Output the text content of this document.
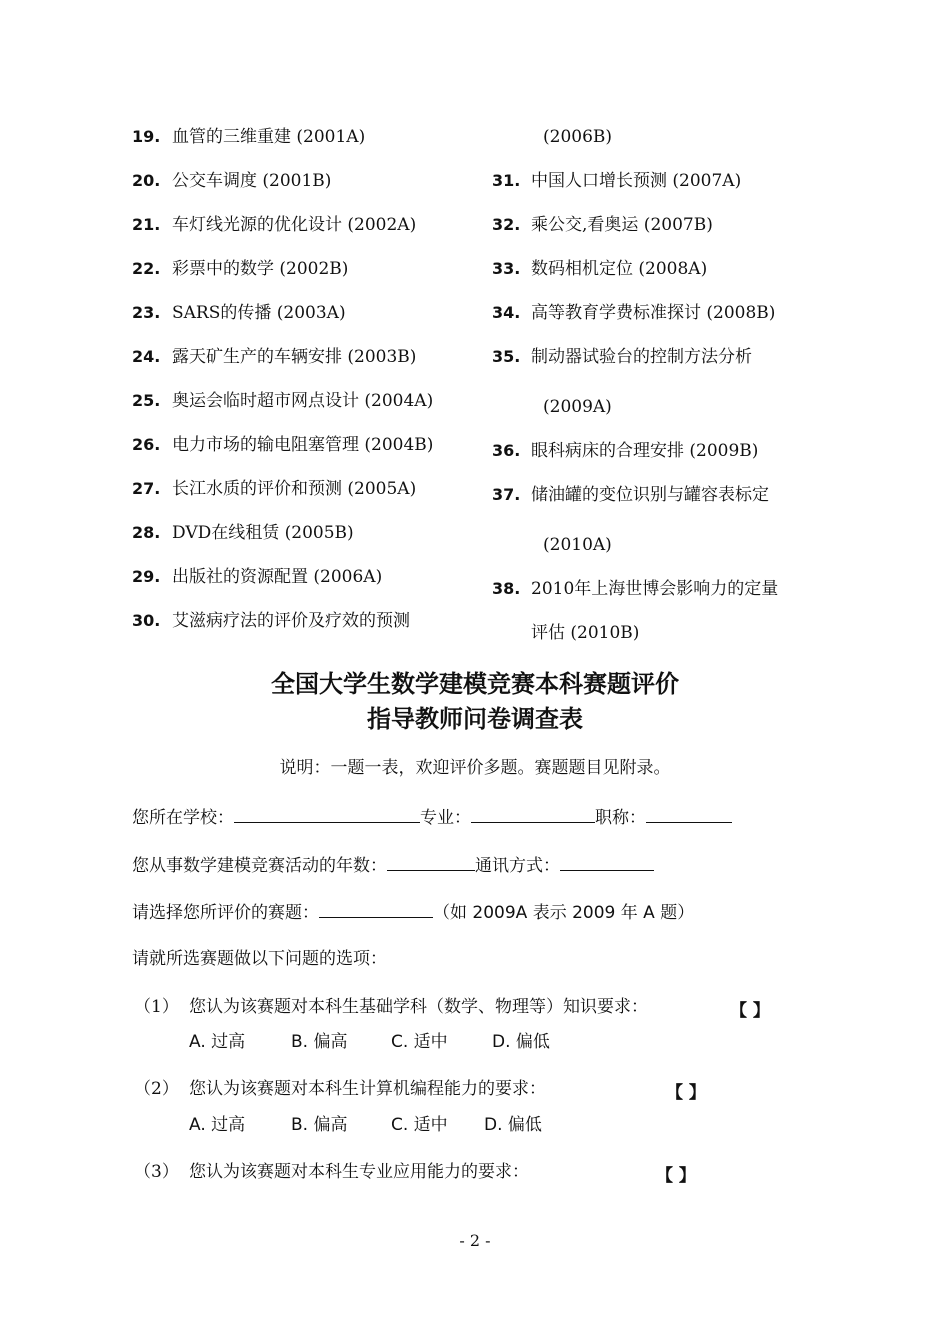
19. 血管的三维重建 (2001A)
20. 公交车调度 (2001B)
21. 车灯线光源的优化设计 (2002A)
22. 彩票中的数学 (2002B)
23. SARS的传播 (2003A)
24. 露天矿生产的车辆安排 (2003B)
25. 奥运会临时超市网点设计 (2004A)
26. 电力市场的输电阻塞管理 (2004B)
27. 长江水质的评价和预测 (2005A)
28. DVD在线租赁 (2005B)
29. 出版社的资源配置 (2006A)
30. 艾滋病疗法的评价及疗效的预测
(2006B)
31. 中国人口增长预测 (2007A)
32. 乘公交,看奥运 (2007B)
33. 数码相机定位 (2008A)
34. 高等教育学费标准探讨 (2008B)
35. 制动器试验台的控制方法分析
(2009A)
36. 眼科病床的合理安排 (2009B)
37. 储油罐的变位识别与罐容表标定
(2010A)
38. 2010年上海世博会影响力的定量
评估 (2010B)
全国大学生数学建模竞赛本科赛题评价
指导教师问卷调查表
说明：一题一表，欢迎评价多题。赛题题目见附录。
您所在学校：	专业：	职称：
您从事数学建模竞赛活动的年数：	通讯方式：
请选择您所评价的赛题：	（如 2009A 表示 2009 年 A 题）
请就所选赛题做以下问题的选项：
（1） 您认为该赛题对本科生基础学科（数学、物理等）知识要求：	【 】
A. 过高	B. 偏高	C. 适中	D. 偏低
（2） 您认为该赛题对本科生计算机编程能力的要求：	【 】
A. 过高	B. 偏高	C. 适中 D. 偏低
（3） 您认为该赛题对本科生专业应用能力的要求：	【 】
- 2 -
